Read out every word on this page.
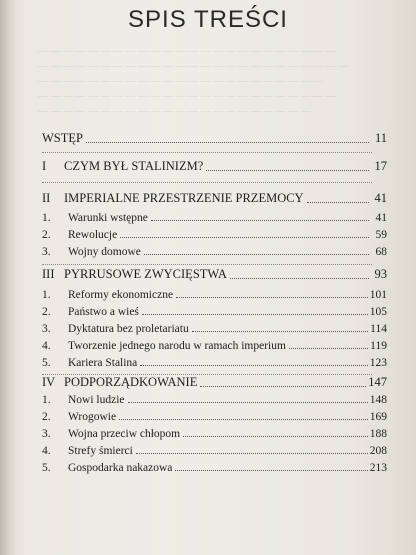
SPIS TREŚCI
— — — — — — — — — — — — — — — — — — — — — — — —
— — — — — — — — — — — — — — — — — — — — — — — — —
— — — — — — — — — — — — — — — — — — — — — — —
— — — — — — — — — — — — — — — — — — — — — — — —
— — — — — — — — — — — — — — — — — — — — — —
WSTĘP	11
I	CZYM BYŁ STALINIZM?	17
II	IMPERIALNE PRZESTRZENIE PRZEMOCY	41
1.	Warunki wstępne	41
2.	Rewolucje	59
3.	Wojny domowe	68
III PYRRUSOWE ZWYCIĘSTWA	93
1.	Reformy ekonomiczne	101
2.	Państwo a wieś	105
3.	Dyktatura bez proletariatu	114
4.	Tworzenie jednego narodu w ramach imperium	119
5.	Kariera Stalina	123
IV PODPORZĄDKOWANIE	147
1.	Nowi ludzie	148
2.	Wrogowie	169
3.	Wojna przeciw chłopom	188
4.	Strefy śmierci	208
5.	Gospodarka nakazowa	213
